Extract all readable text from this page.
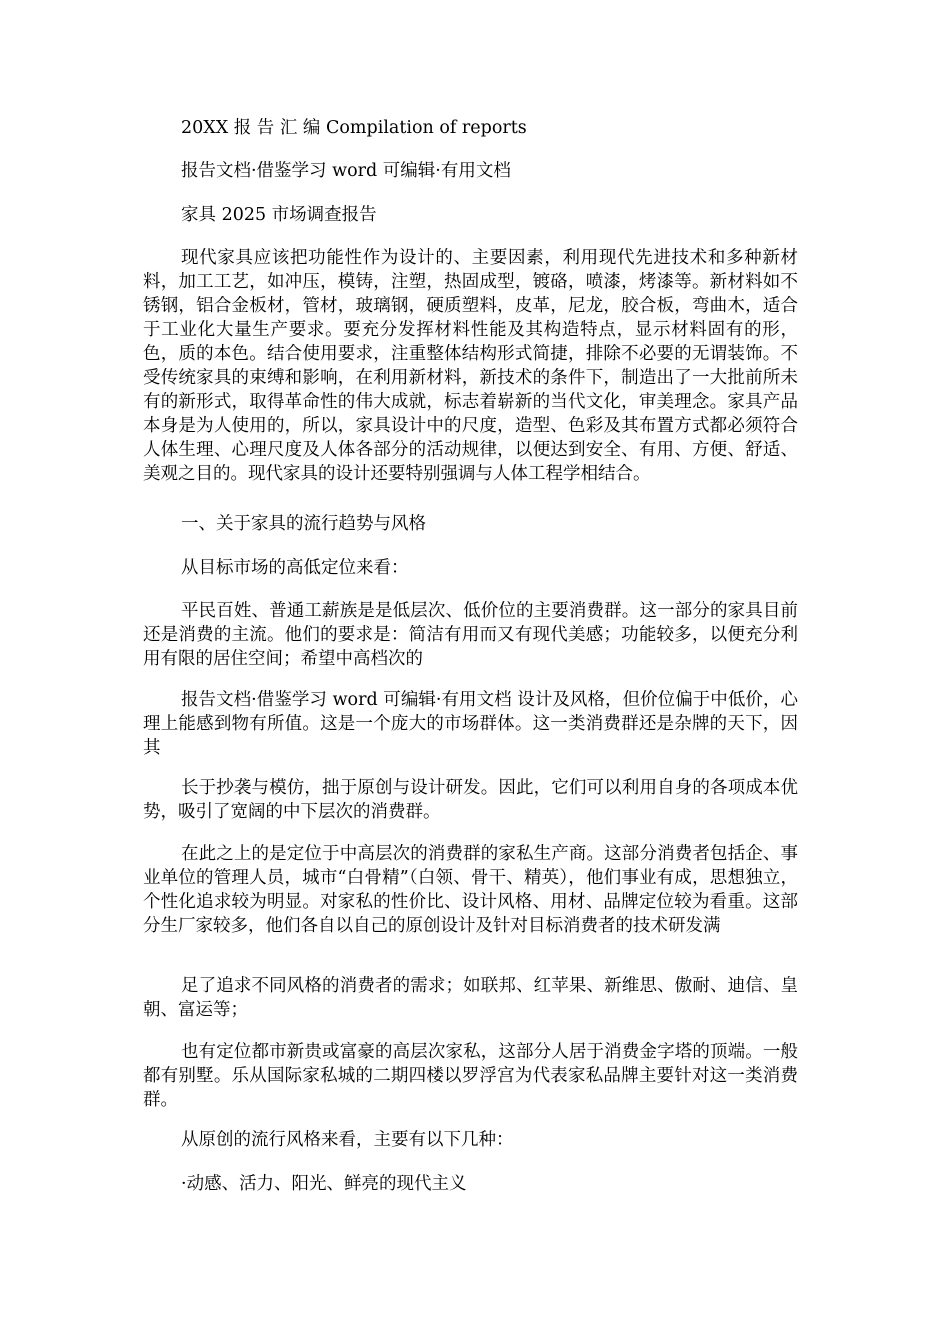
20XX 报 告 汇 编 Compilation of reports
报告文档·借鉴学习 word 可编辑·有用文档
家具 2025 市场调查报告
现代家具应该把功能性作为设计的、主要因素，利用现代先进技术和多种新材料，加工工艺，如冲压，模铸，注塑，热固成型，镀硌，喷漆，烤漆等。新材料如不锈钢，铝合金板材，管材，玻璃钢，硬质塑料，皮革，尼龙，胶合板，弯曲木，适合于工业化大量生产要求。要充分发挥材料性能及其构造特点，显示材料固有的形，色，质的本色。结合使用要求，注重整体结构形式简捷，排除不必要的无谓装饰。不受传统家具的束缚和影响，在利用新材料，新技术的条件下，制造出了一大批前所未有的新形式，取得革命性的伟大成就，标志着崭新的当代文化，审美理念。家具产品本身是为人使用的，所以，家具设计中的尺度，造型、色彩及其布置方式都必须符合人体生理、心理尺度及人体各部分的活动规律，以便达到安全、有用、方便、舒适、美观之目的。现代家具的设计还要特别强调与人体工程学相结合。
一、关于家具的流行趋势与风格
从目标市场的高低定位来看：
平民百姓、普通工薪族是是低层次、低价位的主要消费群。这一部分的家具目前还是消费的主流。他们的要求是：简洁有用而又有现代美感；功能较多，以便充分利用有限的居住空间；希望中高档次的
报告文档·借鉴学习 word 可编辑·有用文档 设计及风格，但价位偏于中低价，心理上能感到物有所值。这是一个庞大的市场群体。这一类消费群还是杂牌的天下，因其
长于抄袭与模仿，拙于原创与设计研发。因此，它们可以利用自身的各项成本优势，吸引了宽阔的中下层次的消费群。
在此之上的是定位于中高层次的消费群的家私生产商。这部分消费者包括企、事业单位的管理人员，城市“白骨精”（白领、骨干、精英），他们事业有成，思想独立，个性化追求较为明显。对家私的性价比、设计风格、用材、品牌定位较为看重。这部分生厂家较多，他们各自以自己的原创设计及针对目标消费者的技术研发满
足了追求不同风格的消费者的需求；如联邦、红苹果、新维思、傲耐、迪信、皇朝、富运等；
也有定位都市新贵或富豪的高层次家私，这部分人居于消费金字塔的顶端。一般都有别墅。乐从国际家私城的二期四楼以罗浮宫为代表家私品牌主要针对这一类消费群。
从原创的流行风格来看，主要有以下几种：
·动感、活力、阳光、鲜亮的现代主义
